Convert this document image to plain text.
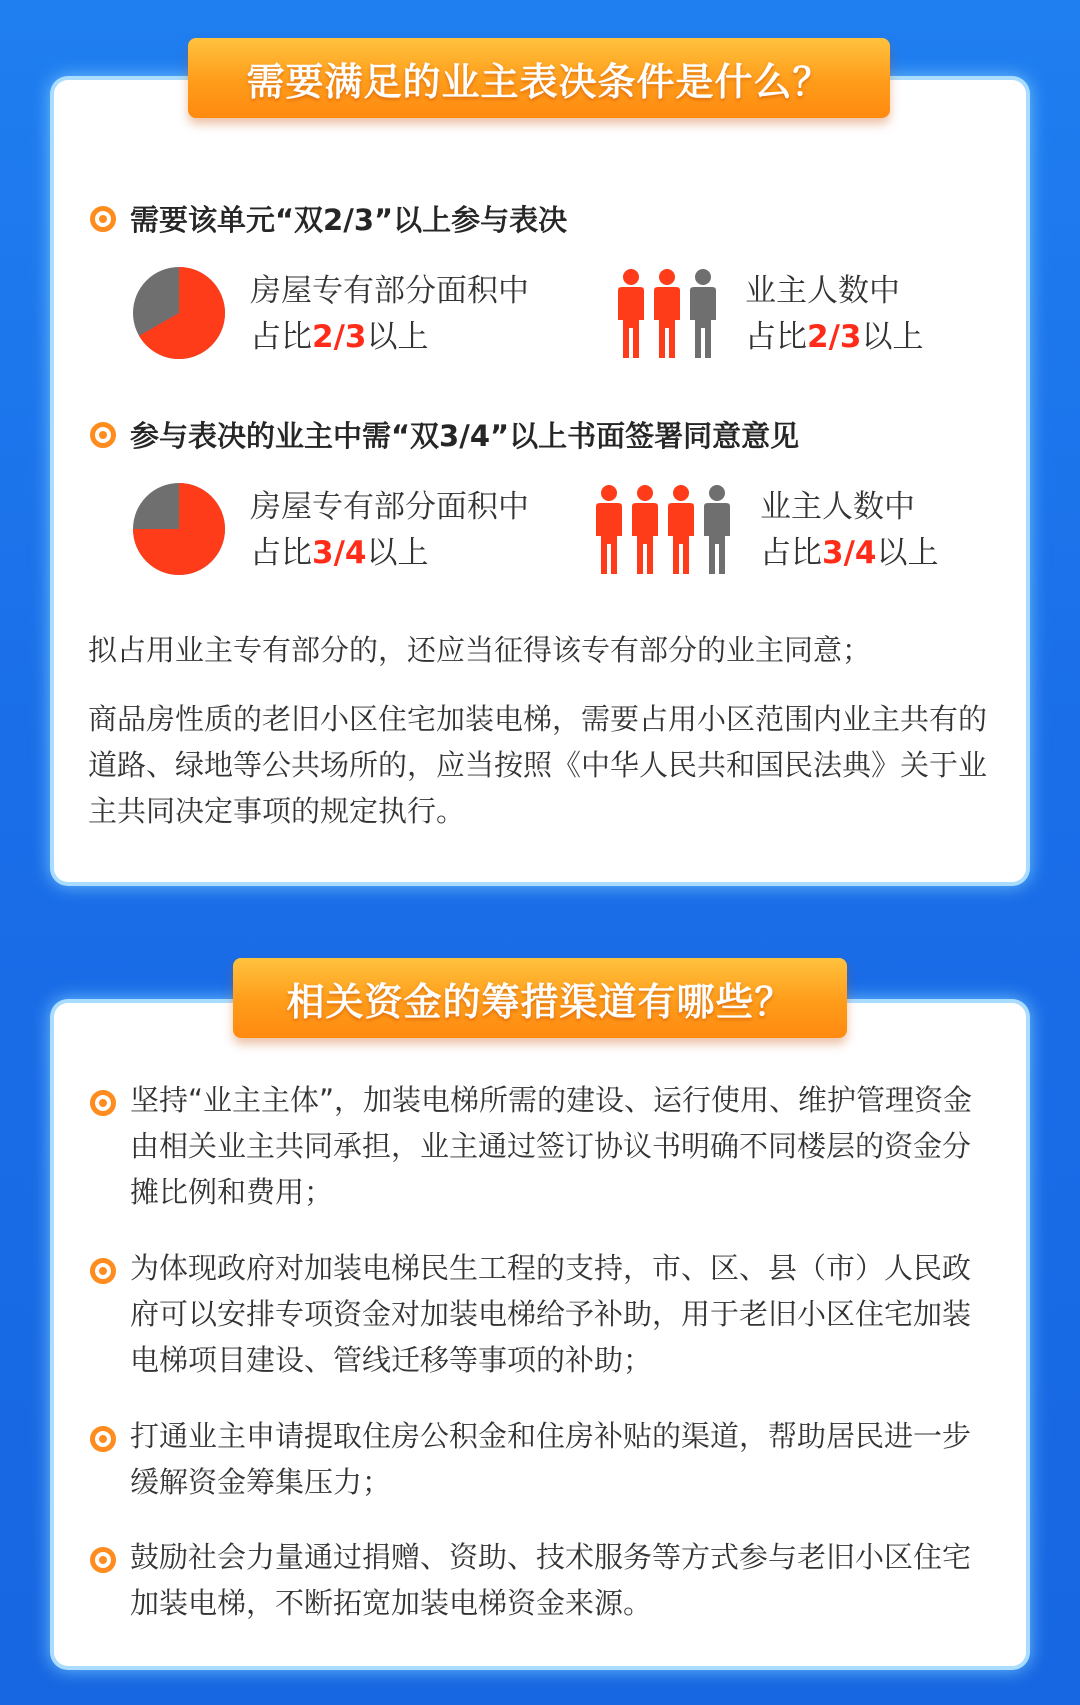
需要满足的业主表决条件是什么？
需要该单元“双2/3”以上参与表决
房屋专有部分面积中
占比2/3以上
业主人数中
占比2/3以上
参与表决的业主中需“双3/4”以上书面签署同意意见
房屋专有部分面积中
占比3/4以上
业主人数中
占比3/4以上
拟占用业主专有部分的，还应当征得该专有部分的业主同意；
商品房性质的老旧小区住宅加装电梯，需要占用小区范围内业主共有的道路、绿地等公共场所的，应当按照《中华人民共和国民法典》关于业主共同决定事项的规定执行。
相关资金的筹措渠道有哪些？
坚持“业主主体”，加装电梯所需的建设、运行使用、维护管理资金由相关业主共同承担，业主通过签订协议书明确不同楼层的资金分摊比例和费用；
为体现政府对加装电梯民生工程的支持，市、区、县（市）人民政府可以安排专项资金对加装电梯给予补助，用于老旧小区住宅加装电梯项目建设、管线迁移等事项的补助；
打通业主申请提取住房公积金和住房补贴的渠道，帮助居民进一步缓解资金筹集压力；
鼓励社会力量通过捐赠、资助、技术服务等方式参与老旧小区住宅加装电梯，不断拓宽加装电梯资金来源。
